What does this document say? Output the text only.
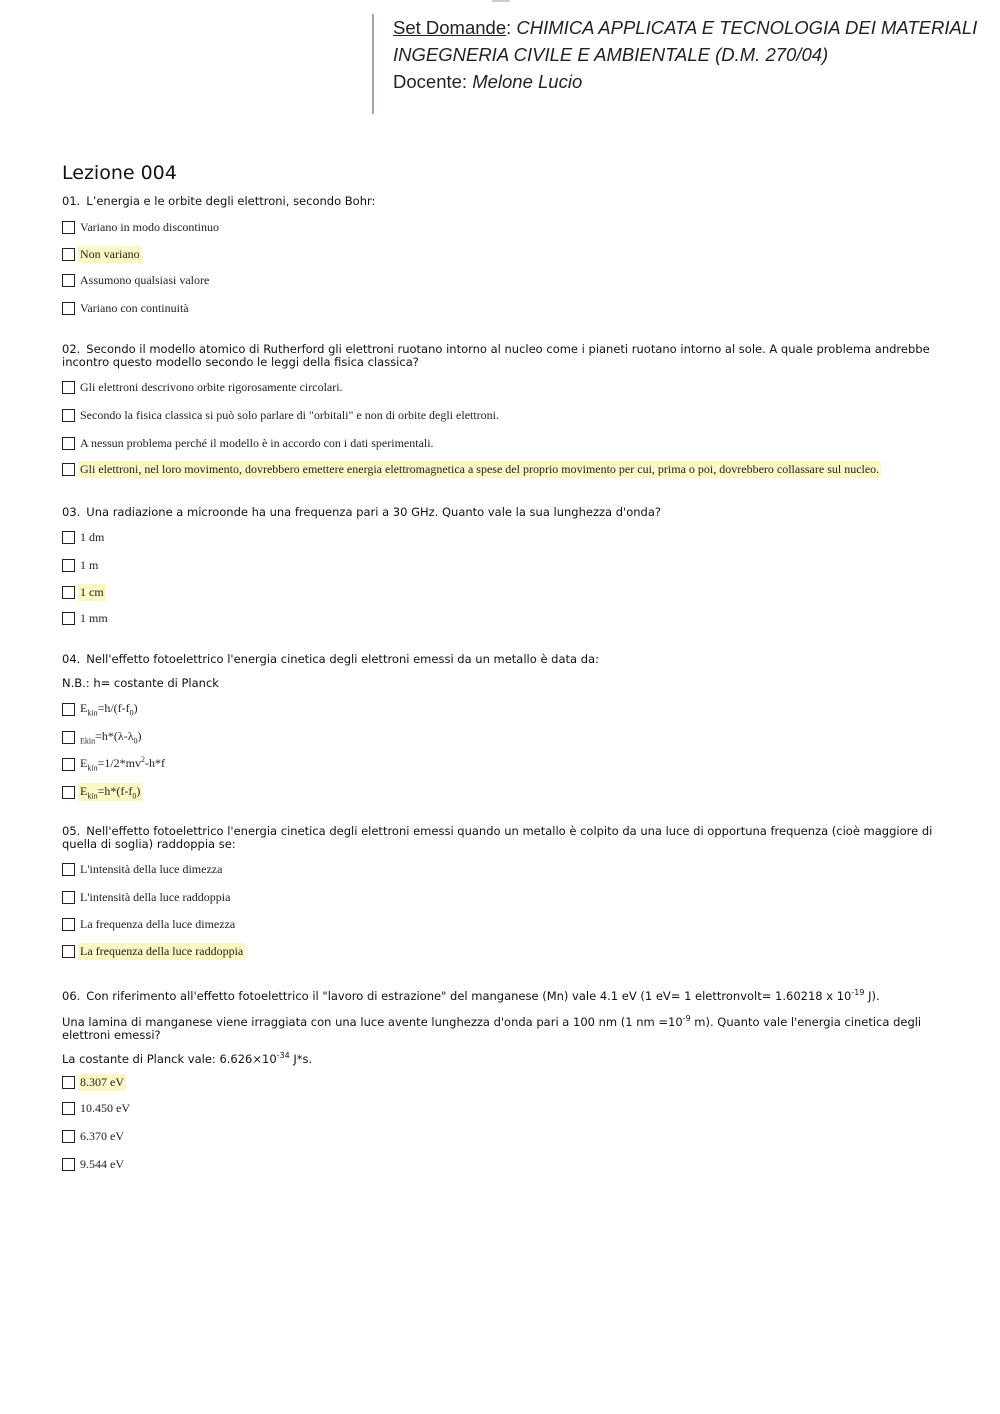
Set Domande: CHIMICA APPLICATA E TECNOLOGIA DEI MATERIALI
INGEGNERIA CIVILE E AMBIENTALE (D.M. 270/04)
Docente: Melone Lucio
Lezione 004
01. L’energia e le orbite degli elettroni, secondo Bohr:
Variano in modo discontinuo
Non variano
Assumono qualsiasi valore
Variano con continuità
02. Secondo il modello atomico di Rutherford gli elettroni ruotano intorno al nucleo come i pianeti ruotano intorno al sole. A quale problema andrebbe incontro questo modello secondo le leggi della fisica classica?
Gli elettroni descrivono orbite rigorosamente circolari.
Secondo la fisica classica si può solo parlare di "orbitali" e non di orbite degli elettroni.
A nessun problema perché il modello è in accordo con i dati sperimentali.
Gli elettroni, nel loro movimento, dovrebbero emettere energia elettromagnetica a spese del proprio movimento per cui, prima o poi, dovrebbero collassare sul nucleo.
03. Una radiazione a microonde ha una frequenza pari a 30 GHz. Quanto vale la sua lunghezza d'onda?
1 dm
1 m
1 cm
1 mm
04. Nell'effetto fotoelettrico l'energia cinetica degli elettroni emessi da un metallo è data da:
N.B.: h= costante di Planck
$E_{kin}=h/(f-f_0)$
$_{Ekin}=h*(\lambda-\lambda_0)$
$E_{kin}=1/2*mv^2-h*f$
$E_{kin}=h*(f-f_0)$
05. Nell'effetto fotoelettrico l'energia cinetica degli elettroni emessi quando un metallo è colpito da una luce di opportuna frequenza (cioè maggiore di quella di soglia) raddoppia se:
L'intensità della luce dimezza
L'intensità della luce raddoppia
La frequenza della luce dimezza
La frequenza della luce raddoppia
06. Con riferimento all'effetto fotoelettrico il "lavoro di estrazione" del manganese (Mn) vale 4.1 eV (1 eV= 1 elettronvolt= 1.60218 x $10^{-19}$ J).
Una lamina di manganese viene irraggiata con una luce avente lunghezza d'onda pari a 100 nm (1 nm $=10^{-9}$ m). Quanto vale l'energia cinetica degli elettroni emessi?
La costante di Planck vale: $6.626\times 10^{-34}$ J*s.
8.307 eV
10.450 eV
6.370 eV
9.544 eV
